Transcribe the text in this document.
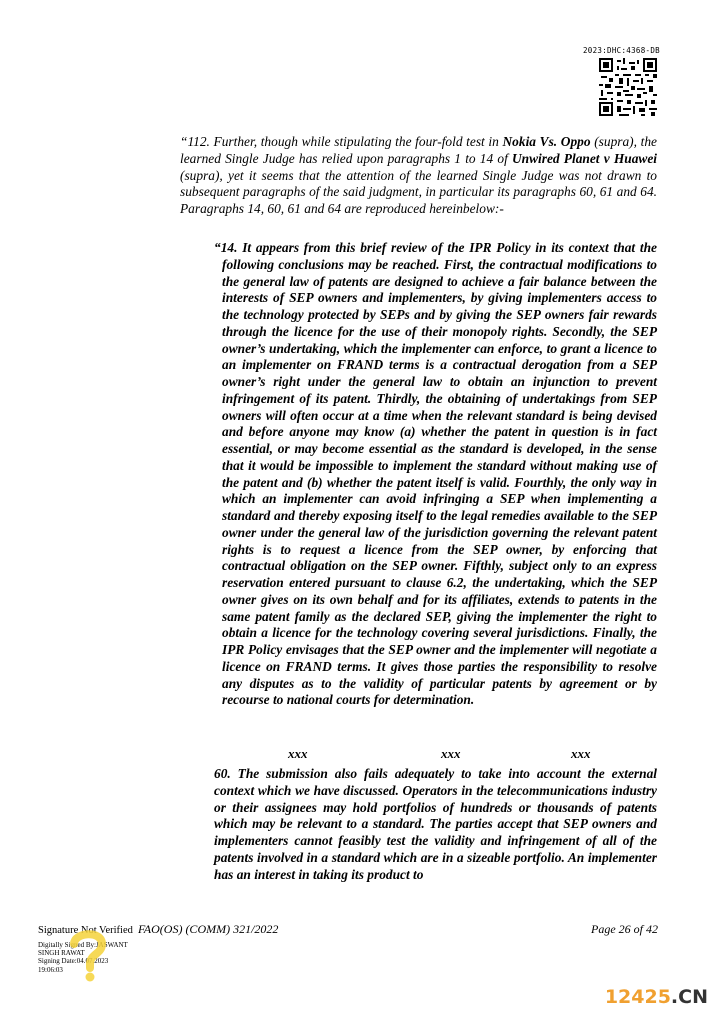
2023:DHC:4368-DB
“112. Further, though while stipulating the four-fold test in Nokia Vs. Oppo (supra), the learned Single Judge has relied upon paragraphs 1 to 14 of Unwired Planet v Huawei (supra), yet it seems that the attention of the learned Single Judge was not drawn to subsequent paragraphs of the said judgment, in particular its paragraphs 60, 61 and 64. Paragraphs 14, 60, 61 and 64 are reproduced hereinbelow:-
“14. It appears from this brief review of the IPR Policy in its context that the following conclusions may be reached. First, the contractual modifications to the general law of patents are designed to achieve a fair balance between the interests of SEP owners and implementers, by giving implementers access to the technology protected by SEPs and by giving the SEP owners fair rewards through the licence for the use of their monopoly rights. Secondly, the SEP owner’s undertaking, which the implementer can enforce, to grant a licence to an implementer on FRAND terms is a contractual derogation from a SEP owner’s right under the general law to obtain an injunction to prevent infringement of its patent. Thirdly, the obtaining of undertakings from SEP owners will often occur at a time when the relevant standard is being devised and before anyone may know (a) whether the patent in question is in fact essential, or may become essential as the standard is developed, in the sense that it would be impossible to implement the standard without making use of the patent and (b) whether the patent itself is valid. Fourthly, the only way in which an implementer can avoid infringing a SEP when implementing a standard and thereby exposing itself to the legal remedies available to the SEP owner under the general law of the jurisdiction governing the relevant patent rights is to request a licence from the SEP owner, by enforcing that contractual obligation on the SEP owner. Fifthly, subject only to an express reservation entered pursuant to clause 6.2, the undertaking, which the SEP owner gives on its own behalf and for its affiliates, extends to patents in the same patent family as the declared SEP, giving the implementer the right to obtain a licence for the technology covering several jurisdictions. Finally, the IPR Policy envisages that the SEP owner and the implementer will negotiate a licence on FRAND terms. It gives those parties the responsibility to resolve any disputes as to the validity of particular patents by agreement or by recourse to national courts for determination.
xxx	xxx	xxx
60. The submission also fails adequately to take into account the external context which we have discussed. Operators in the telecommunications industry or their assignees may hold portfolios of hundreds or thousands of patents which may be relevant to a standard. The parties accept that SEP owners and implementers cannot feasibly test the validity and infringement of all of the patents involved in a standard which are in a sizeable portfolio. An implementer has an interest in taking its product to
Signature Not Verified
Digitally Signed By:JASWANT
SINGH RAWAT
Signing Date:04.07.2023
19:06:03
FAO(OS) (COMM) 321/2022	Page 26 of 42
12425.CN
